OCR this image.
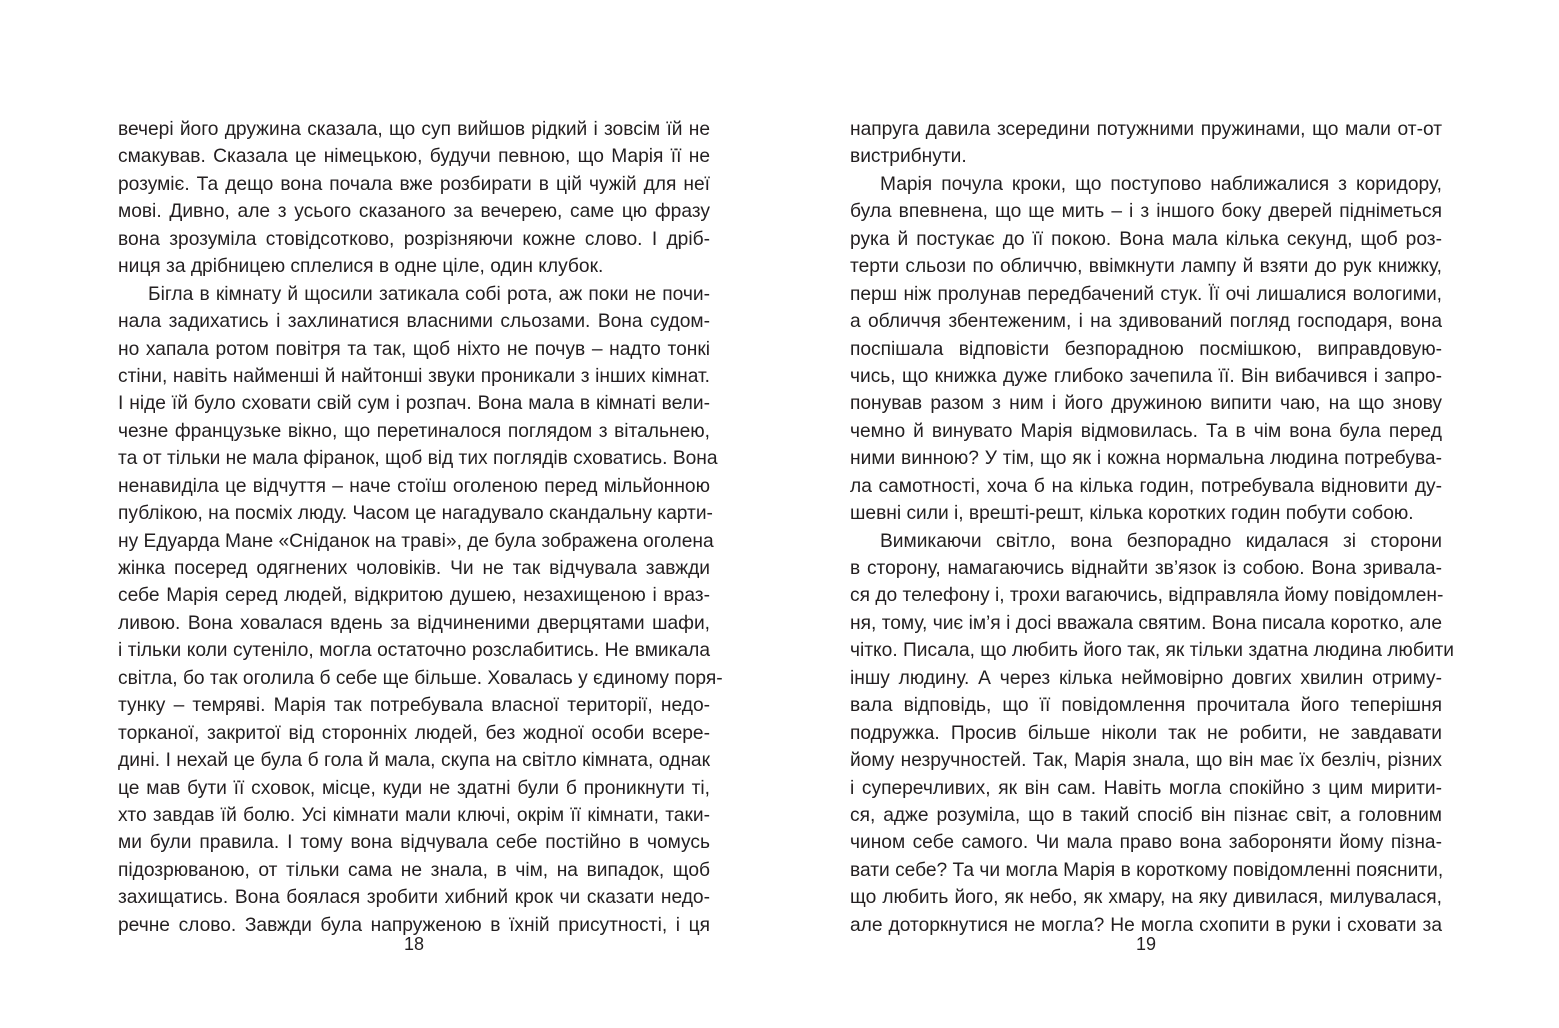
вечері його дружина сказала, що суп вийшов рідкий і зовсім їй не
смакував. Сказала це німецькою, будучи певною, що Марія її не
розуміє. Та дещо вона почала вже розбирати в цій чужій для неї
мові. Дивно, але з усього сказаного за вечерею, саме цю фразу
вона зрозуміла стовідсотково, розрізняючи кожне слово. І дріб-
ниця за дрібницею сплелися в одне ціле, один клубок.
Бігла в кімнату й щосили затикала собі рота, аж поки не почи-
нала задихатись і захлинатися власними сльозами. Вона судом-
но хапала ротом повітря та так, щоб ніхто не почув – надто тонкі
стіни, навіть найменші й найтонші звуки проникали з інших кімнат.
І ніде їй було сховати свій сум і розпач. Вона мала в кімнаті вели-
чезне французьке вікно, що перетиналося поглядом з вітальнею,
та от тільки не мала фіранок, щоб від тих поглядів сховатись. Вона
ненавиділа це відчуття – наче стоїш оголеною перед мільйонною
публікою, на посміх люду. Часом це нагадувало скандальну карти-
ну Едуарда Мане «Сніданок на траві», де була зображена оголена
жінка посеред одягнених чоловіків. Чи не так відчувала завжди
себе Марія серед людей, відкритою душею, незахищеною і враз-
ливою. Вона ховалася вдень за відчиненими дверцятами шафи,
і тільки коли сутеніло, могла остаточно розслабитись. Не вмикала
світла, бо так оголила б себе ще більше. Ховалась у єдиному поря-
тунку – темряві. Марія так потребувала власної території, недо-
торканої, закритої від сторонніх людей, без жодної особи всере-
дині. І нехай це була б гола й мала, скупа на світло кімната, однак
це мав бути її сховок, місце, куди не здатні були б проникнути ті,
хто завдав їй болю. Усі кімнати мали ключі, окрім її кімнати, таки-
ми були правила. І тому вона відчувала себе постійно в чомусь
підозрюваною, от тільки сама не знала, в чім, на випадок, щоб
захищатись. Вона боялася зробити хибний крок чи сказати недо-
речне слово. Завжди була напруженою в їхній присутності, і ця
напруга давила зсередини потужними пружинами, що мали от-от
вистрибнути.
Марія почула кроки, що поступово наближалися з коридору,
була впевнена, що ще мить – і з іншого боку дверей підніметься
рука й постукає до її покою. Вона мала кілька секунд, щоб роз-
терти сльози по обличчю, ввімкнути лампу й взяти до рук книжку,
перш ніж пролунав передбачений стук. Її очі лишалися вологими,
а обличчя збентеженим, і на здивований погляд господаря, вона
поспішала відповісти безпорадною посмішкою, виправдовую-
чись, що книжка дуже глибоко зачепила її. Він вибачився і запро-
понував разом з ним і його дружиною випити чаю, на що знову
чемно й винувато Марія відмовилась. Та в чім вона була перед
ними винною? У тім, що як і кожна нормальна людина потребува-
ла самотності, хоча б на кілька годин, потребувала відновити ду-
шевні сили і, врешті-решт, кілька коротких годин побути собою.
Вимикаючи світло, вона безпорадно кидалася зі сторони
в сторону, намагаючись віднайти зв’язок із собою. Вона зривала-
ся до телефону і, трохи вагаючись, відправляла йому повідомлен-
ня, тому, чиє ім’я і досі вважала святим. Вона писала коротко, але
чітко. Писала, що любить його так, як тільки здатна людина любити
іншу людину. А через кілька неймовірно довгих хвилин отриму-
вала відповідь, що її повідомлення прочитала його теперішня
подружка. Просив більше ніколи так не робити, не завдавати
йому незручностей. Так, Марія знала, що він має їх безліч, різних
і суперечливих, як він сам. Навіть могла спокійно з цим мирити-
ся, адже розуміла, що в такий спосіб він пізнає світ, а головним
чином себе самого. Чи мала право вона забороняти йому пізна-
вати себе? Та чи могла Марія в короткому повідомленні пояснити,
що любить його, як небо, як хмару, на яку дивилася, милувалася,
але доторкнутися не могла? Не могла схопити в руки і сховати за
18	19
